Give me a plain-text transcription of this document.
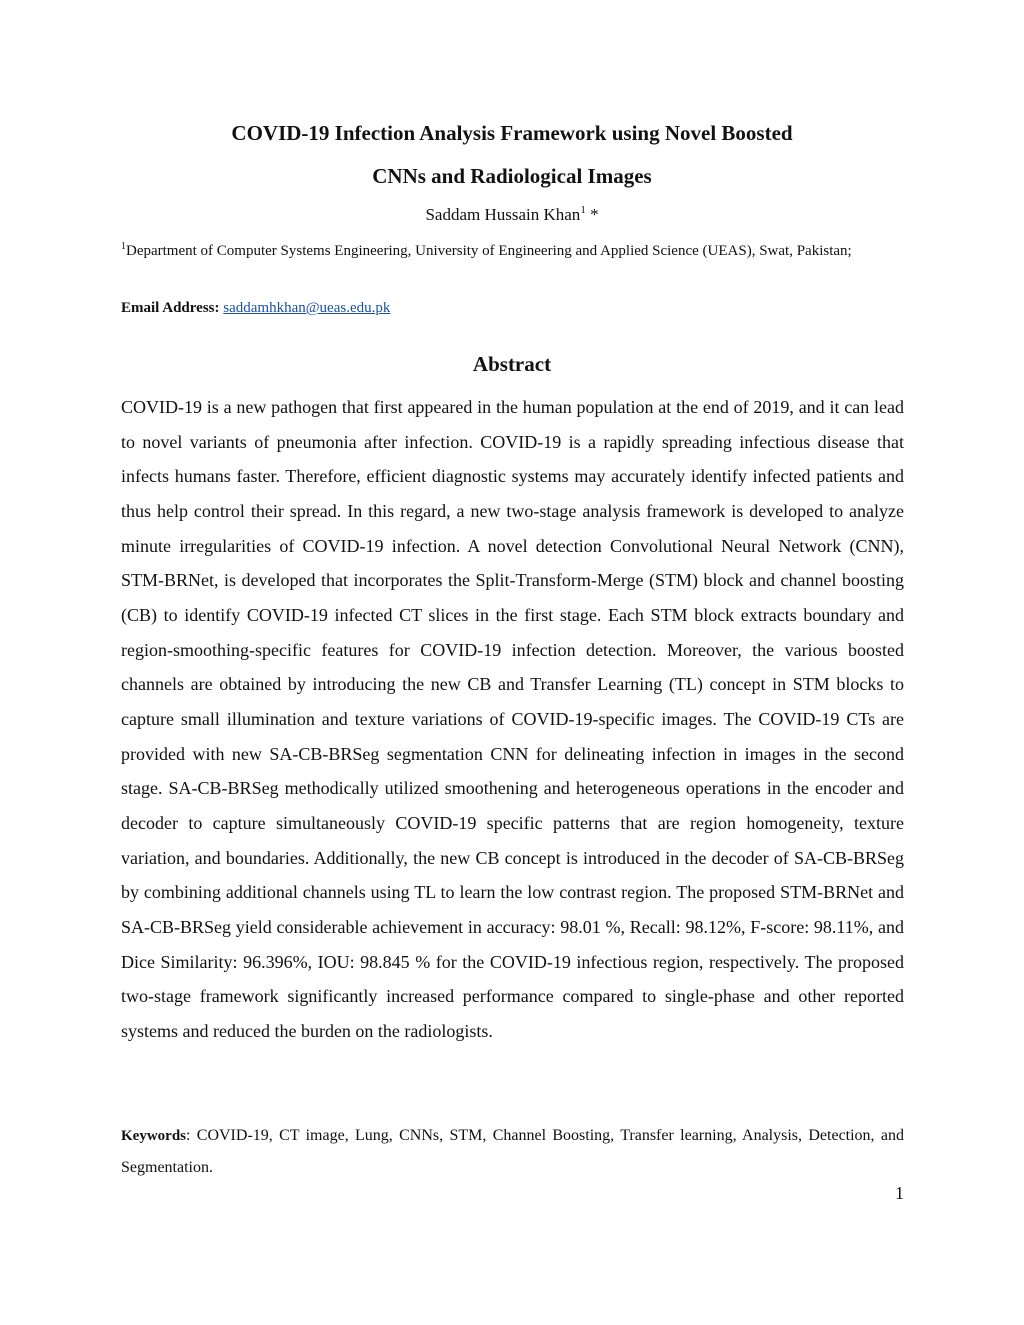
COVID-19 Infection Analysis Framework using Novel Boosted
CNNs and Radiological Images
Saddam Hussain Khan$^1$ *

$^1$Department of Computer Systems Engineering, University of Engineering and Applied Science (UEAS), Swat, Pakistan;

Email Address: saddamhkhan@ueas.edu.pk
Abstract

COVID-19 is a new pathogen that first appeared in the human population at the end of 2019, and it can lead to novel variants of pneumonia after infection. COVID-19 is a rapidly spreading infectious disease that infects humans faster. Therefore, efficient diagnostic systems may accurately identify infected patients and thus help control their spread. In this regard, a new two-stage analysis framework is developed to analyze minute irregularities of COVID-19 infection. A novel detection Convolutional Neural Network (CNN), STM-BRNet, is developed that incorporates the Split-Transform-Merge (STM) block and channel boosting (CB) to identify COVID-19 infected CT slices in the first stage. Each STM block extracts boundary and region-smoothing-specific features for COVID-19 infection detection. Moreover, the various boosted channels are obtained by introducing the new CB and Transfer Learning (TL) concept in STM blocks to capture small illumination and texture variations of COVID-19-specific images. The COVID-19 CTs are provided with new SA-CB-BRSeg segmentation CNN for delineating infection in images in the second stage. SA-CB-BRSeg methodically utilized smoothening and heterogeneous operations in the encoder and decoder to capture simultaneously COVID-19 specific patterns that are region homogeneity, texture variation, and boundaries. Additionally, the new CB concept is introduced in the decoder of SA-CB-BRSeg by combining additional channels using TL to learn the low contrast region. The proposed STM-BRNet and SA-CB-BRSeg yield considerable achievement in accuracy: 98.01 %, Recall: 98.12%, F-score: 98.11%, and Dice Similarity: 96.396%, IOU: 98.845 % for the COVID-19 infectious region, respectively. The proposed two-stage framework significantly increased performance compared to single-phase and other reported systems and reduced the burden on the radiologists.

Keywords: COVID-19, CT image, Lung, CNNs, STM, Channel Boosting, Transfer learning, Analysis, Detection, and Segmentation.

1
